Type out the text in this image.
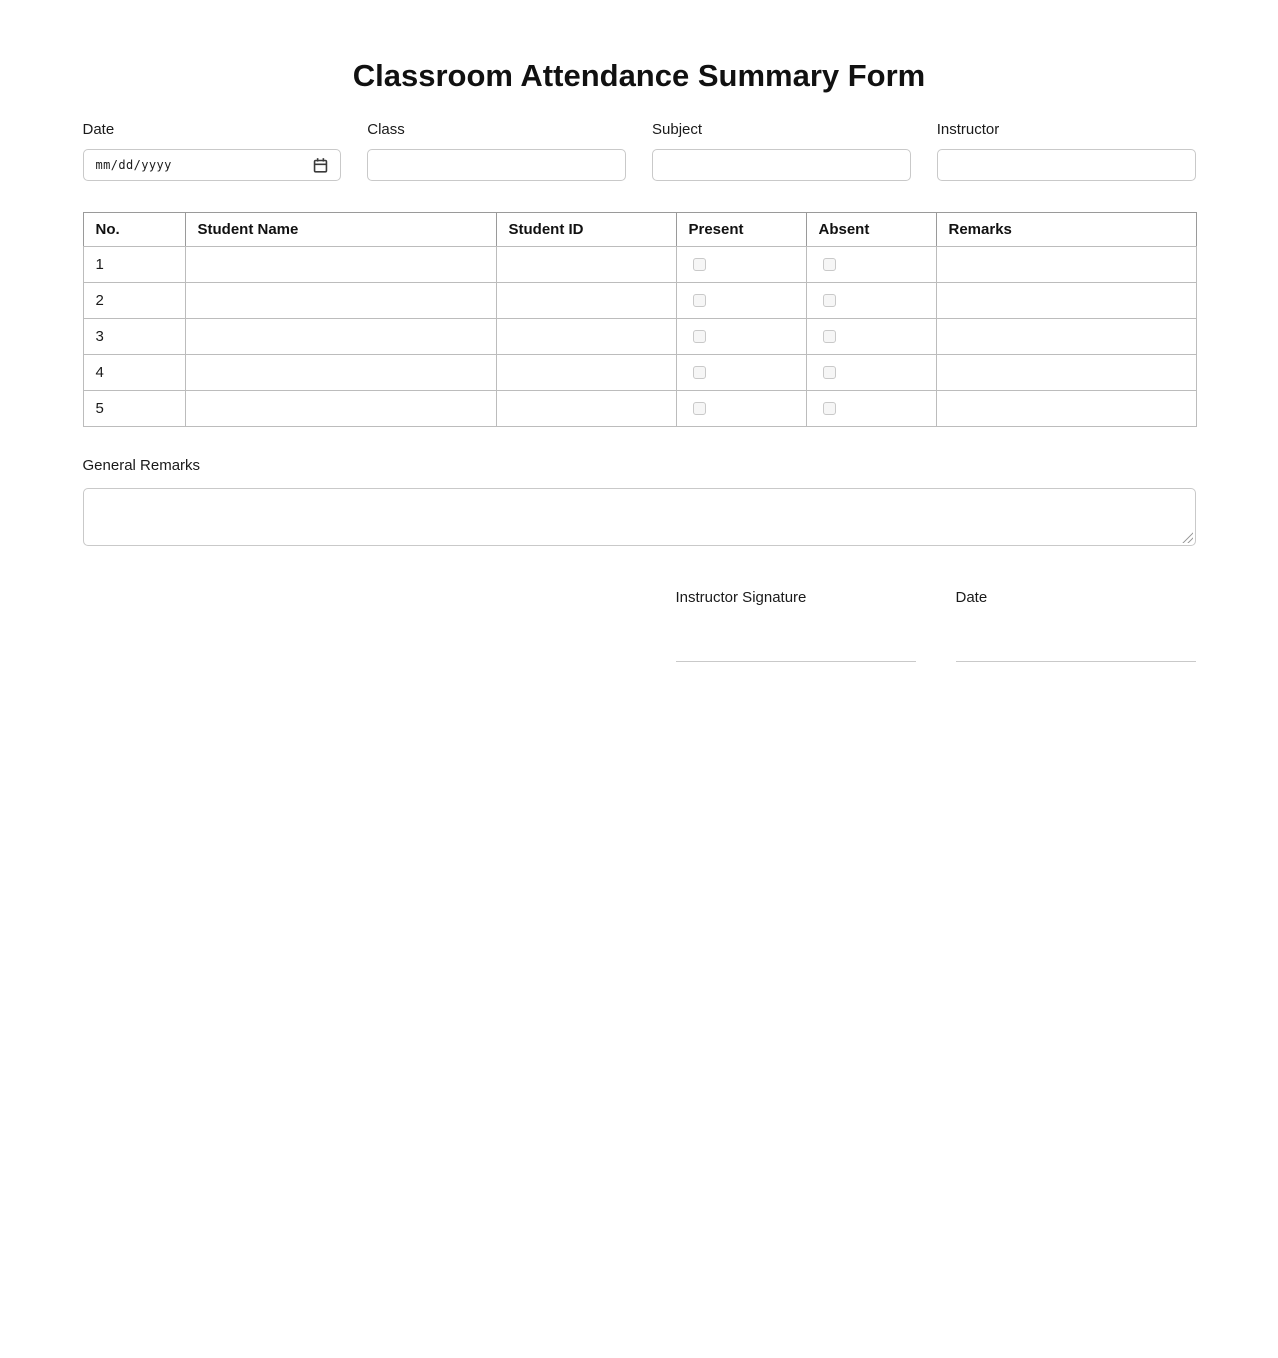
Classroom Attendance Summary Form
Date
mm/dd/yyyy
Class	Subject	Instructor
No.	Student Name	Student ID	Present	Absent	Remarks
1			

2			

3			

4			

5			

General Remarks
Instructor Signature	Date
